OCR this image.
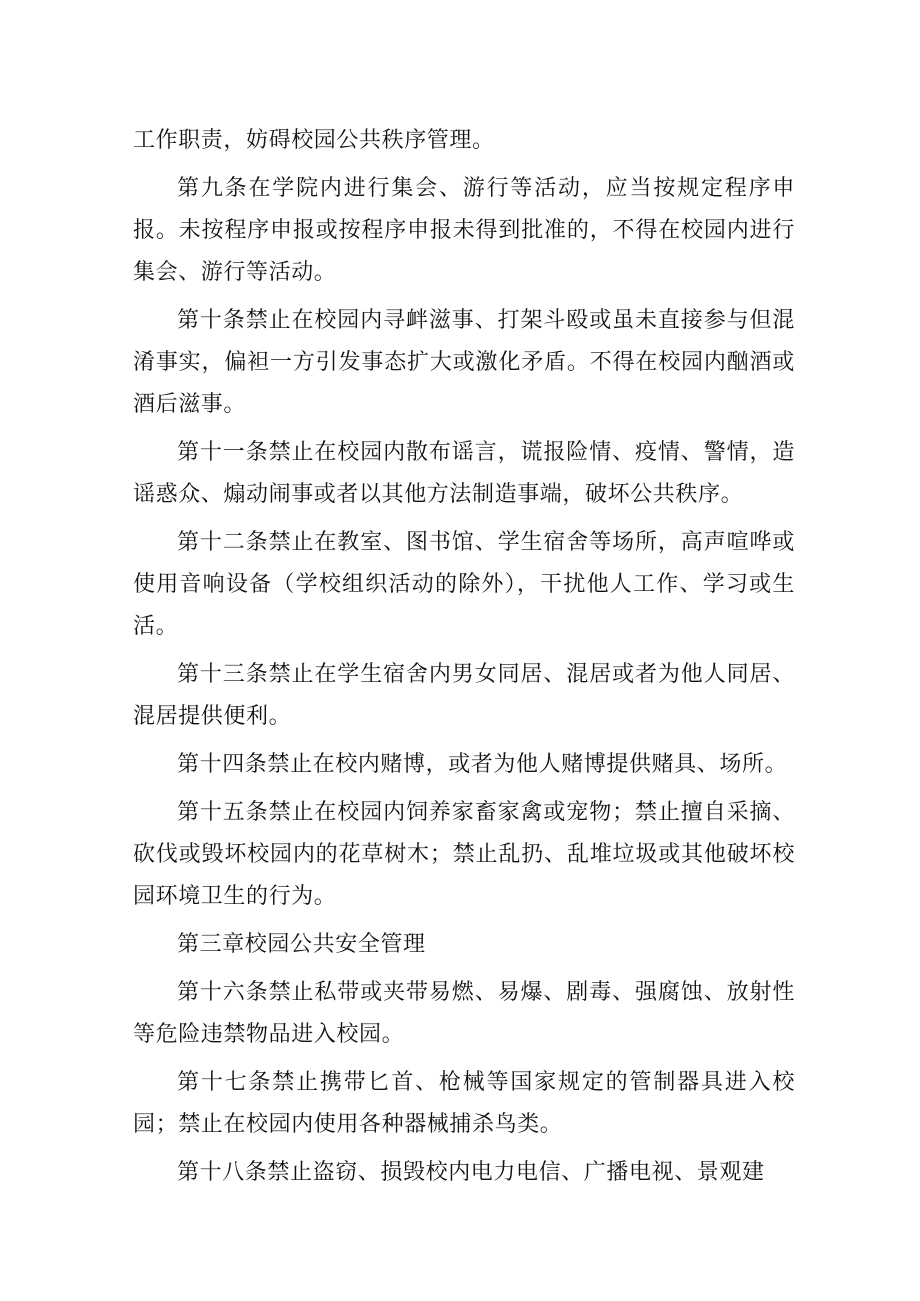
工作职责，妨碍校园公共秩序管理。

第九条在学院内进行集会、游行等活动，应当按规定程序申报。未按程序申报或按程序申报未得到批准的，不得在校园内进行集会、游行等活动。

第十条禁止在校园内寻衅滋事、打架斗殴或虽未直接参与但混淆事实，偏袒一方引发事态扩大或激化矛盾。不得在校园内酗酒或酒后滋事。

第十一条禁止在校园内散布谣言，谎报险情、疫情、警情，造谣惑众、煽动闹事或者以其他方法制造事端，破坏公共秩序。

第十二条禁止在教室、图书馆、学生宿舍等场所，高声喧哗或使用音响设备（学校组织活动的除外），干扰他人工作、学习或生活。

第十三条禁止在学生宿舍内男女同居、混居或者为他人同居、混居提供便利。

第十四条禁止在校内赌博，或者为他人赌博提供赌具、场所。

第十五条禁止在校园内饲养家畜家禽或宠物；禁止擅自采摘、砍伐或毁坏校园内的花草树木；禁止乱扔、乱堆垃圾或其他破坏校园环境卫生的行为。

第三章校园公共安全管理

第十六条禁止私带或夹带易燃、易爆、剧毒、强腐蚀、放射性等危险违禁物品进入校园。

第十七条禁止携带匕首、枪械等国家规定的管制器具进入校园；禁止在校园内使用各种器械捕杀鸟类。

第十八条禁止盗窃、损毁校内电力电信、广播电视、景观建
